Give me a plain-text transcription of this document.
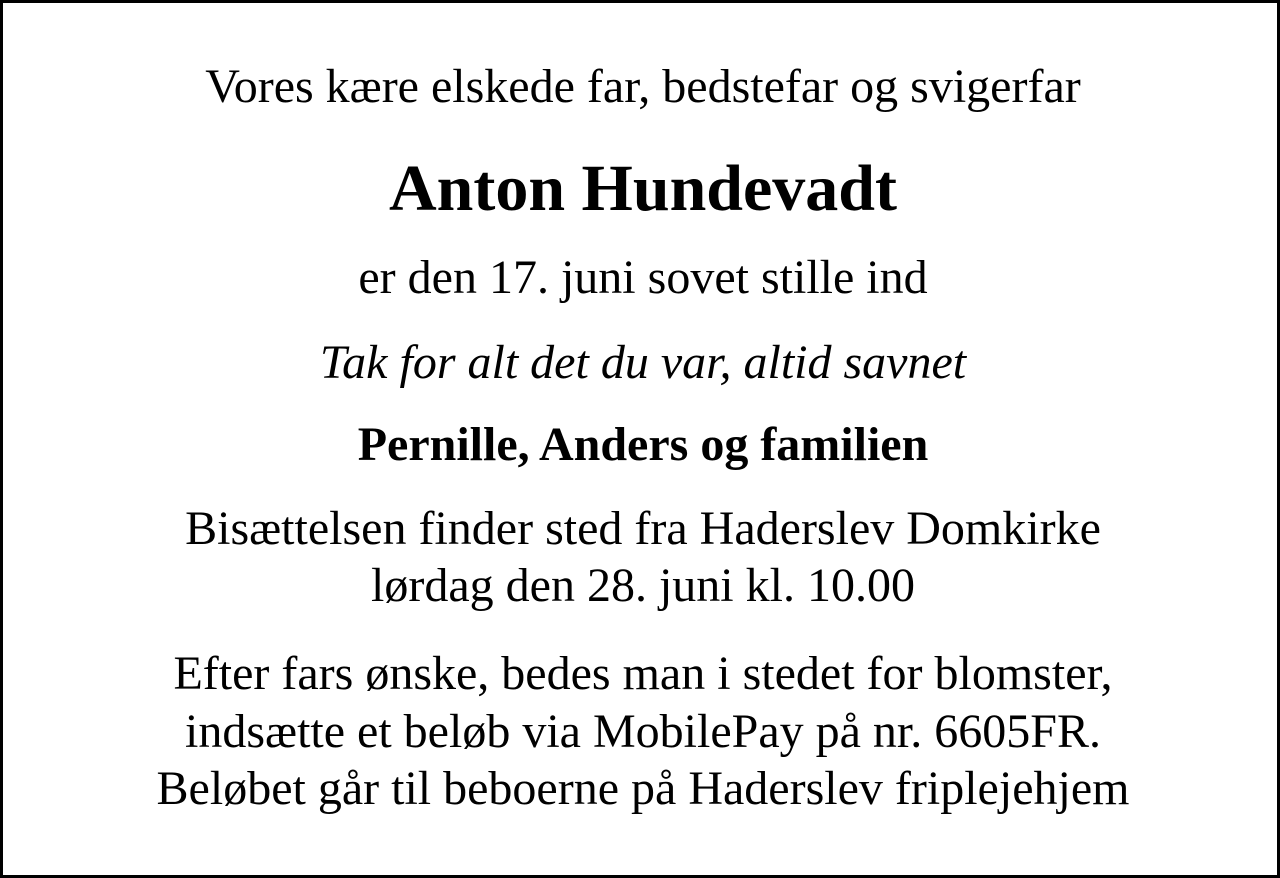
Vores kære elskede far, bedstefar og svigerfar

Anton Hundevadt

er den 17. juni sovet stille ind

Tak for alt det du var, altid savnet

Pernille, Anders og familien

Bisættelsen finder sted fra Haderslev Domkirke

lørdag den 28. juni kl. 10.00

Efter fars ønske, bedes man i stedet for blomster,

indsætte et beløb via MobilePay på nr. 6605FR.

Beløbet går til beboerne på Haderslev friplejehjem
